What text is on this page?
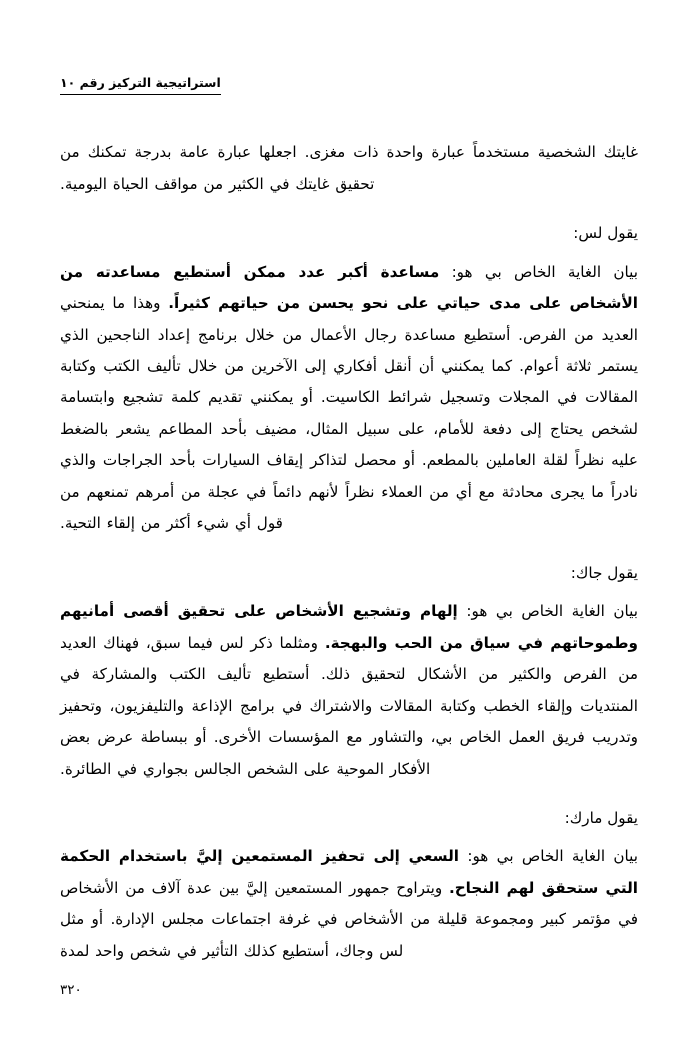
استراتيجية التركيز رقم ١٠

غايتك الشخصية مستخدماً عبارة واحدة ذات مغزى. اجعلها عبارة عامة بدرجة تمكنك من تحقيق غايتك في الكثير من مواقف الحياة اليومية.

يقول لس:

بيان الغاية الخاص بي هو: مساعدة أكبر عدد ممكن أستطيع مساعدته من الأشخاص على مدى حياتي على نحو يحسن من حياتهم كثيراً. وهذا ما يمنحني العديد من الفرص. أستطيع مساعدة رجال الأعمال من خلال برنامج إعداد الناجحين الذي يستمر ثلاثة أعوام. كما يمكنني أن أنقل أفكاري إلى الآخرين من خلال تأليف الكتب وكتابة المقالات في المجلات وتسجيل شرائط الكاسيت. أو يمكنني تقديم كلمة تشجيع وابتسامة لشخص يحتاج إلى دفعة للأمام، على سبيل المثال، مضيف بأحد المطاعم يشعر بالضغط عليه نظراً لقلة العاملين بالمطعم. أو محصل لتذاكر إيقاف السيارات بأحد الجراجات والذي نادراً ما يجرى محادثة مع أي من العملاء نظراً لأنهم دائماً في عجلة من أمرهم تمنعهم من قول أي شيء أكثر من إلقاء التحية.

يقول جاك:

بيان الغاية الخاص بي هو: إلهام وتشجيع الأشخاص على تحقيق أقصى أمانيهم وطموحاتهم في سياق من الحب والبهجة. ومثلما ذكر لس فيما سبق، فهناك العديد من الفرص والكثير من الأشكال لتحقيق ذلك. أستطيع تأليف الكتب والمشاركة في المنتديات وإلقاء الخطب وكتابة المقالات والاشتراك في برامج الإذاعة والتليفزيون، وتحفيز وتدريب فريق العمل الخاص بي، والتشاور مع المؤسسات الأخرى. أو ببساطة عرض بعض الأفكار الموحية على الشخص الجالس بجواري في الطائرة.

يقول مارك:

بيان الغاية الخاص بي هو: السعي إلى تحفيز المستمعين إليَّ باستخدام الحكمة التي ستحقق لهم النجاح. ويتراوح جمهور المستمعين إليَّ بين عدة آلاف من الأشخاص في مؤتمر كبير ومجموعة قليلة من الأشخاص في غرفة اجتماعات مجلس الإدارة. أو مثل لس وجاك، أستطيع كذلك التأثير في شخص واحد لمدة

٣٢٠
